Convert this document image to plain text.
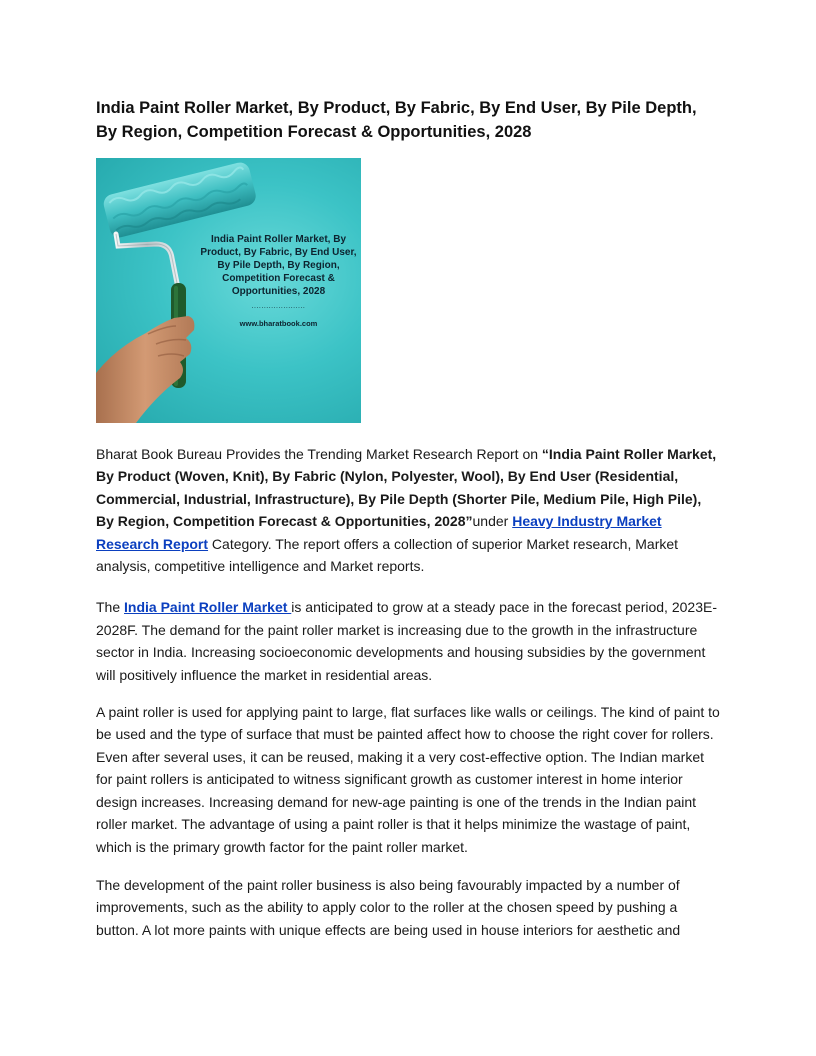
India Paint Roller Market, By Product, By Fabric, By End User, By Pile Depth, By Region, Competition Forecast & Opportunities, 2028
India Paint Roller Market, By Product, By Fabric, By End User, By Pile Depth, By Region, Competition Forecast & Opportunities, 2028
......................
www.bharatbook.com

Bharat Book Bureau Provides the Trending Market Research Report on “India Paint Roller Market, By Product (Woven, Knit), By Fabric (Nylon, Polyester, Wool), By End User (Residential, Commercial, Industrial, Infrastructure), By Pile Depth (Shorter Pile, Medium Pile, High Pile), By Region, Competition Forecast & Opportunities, 2028”under Heavy Industry Market Research Report Category. The report offers a collection of superior Market research, Market analysis, competitive intelligence and Market reports.

The India Paint Roller Market is anticipated to grow at a steady pace in the forecast period, 2023E-2028F. The demand for the paint roller market is increasing due to the growth in the infrastructure sector in India. Increasing socioeconomic developments and housing subsidies by the government will positively influence the market in residential areas.

A paint roller is used for applying paint to large, flat surfaces like walls or ceilings. The kind of paint to be used and the type of surface that must be painted affect how to choose the right cover for rollers. Even after several uses, it can be reused, making it a very cost-effective option. The Indian market for paint rollers is anticipated to witness significant growth as customer interest in home interior design increases. Increasing demand for new-age painting is one of the trends in the Indian paint roller market. The advantage of using a paint roller is that it helps minimize the wastage of paint, which is the primary growth factor for the paint roller market.

The development of the paint roller business is also being favourably impacted by a number of improvements, such as the ability to apply color to the roller at the chosen speed by pushing a button. A lot more paints with unique effects are being used in house interiors for aesthetic and
